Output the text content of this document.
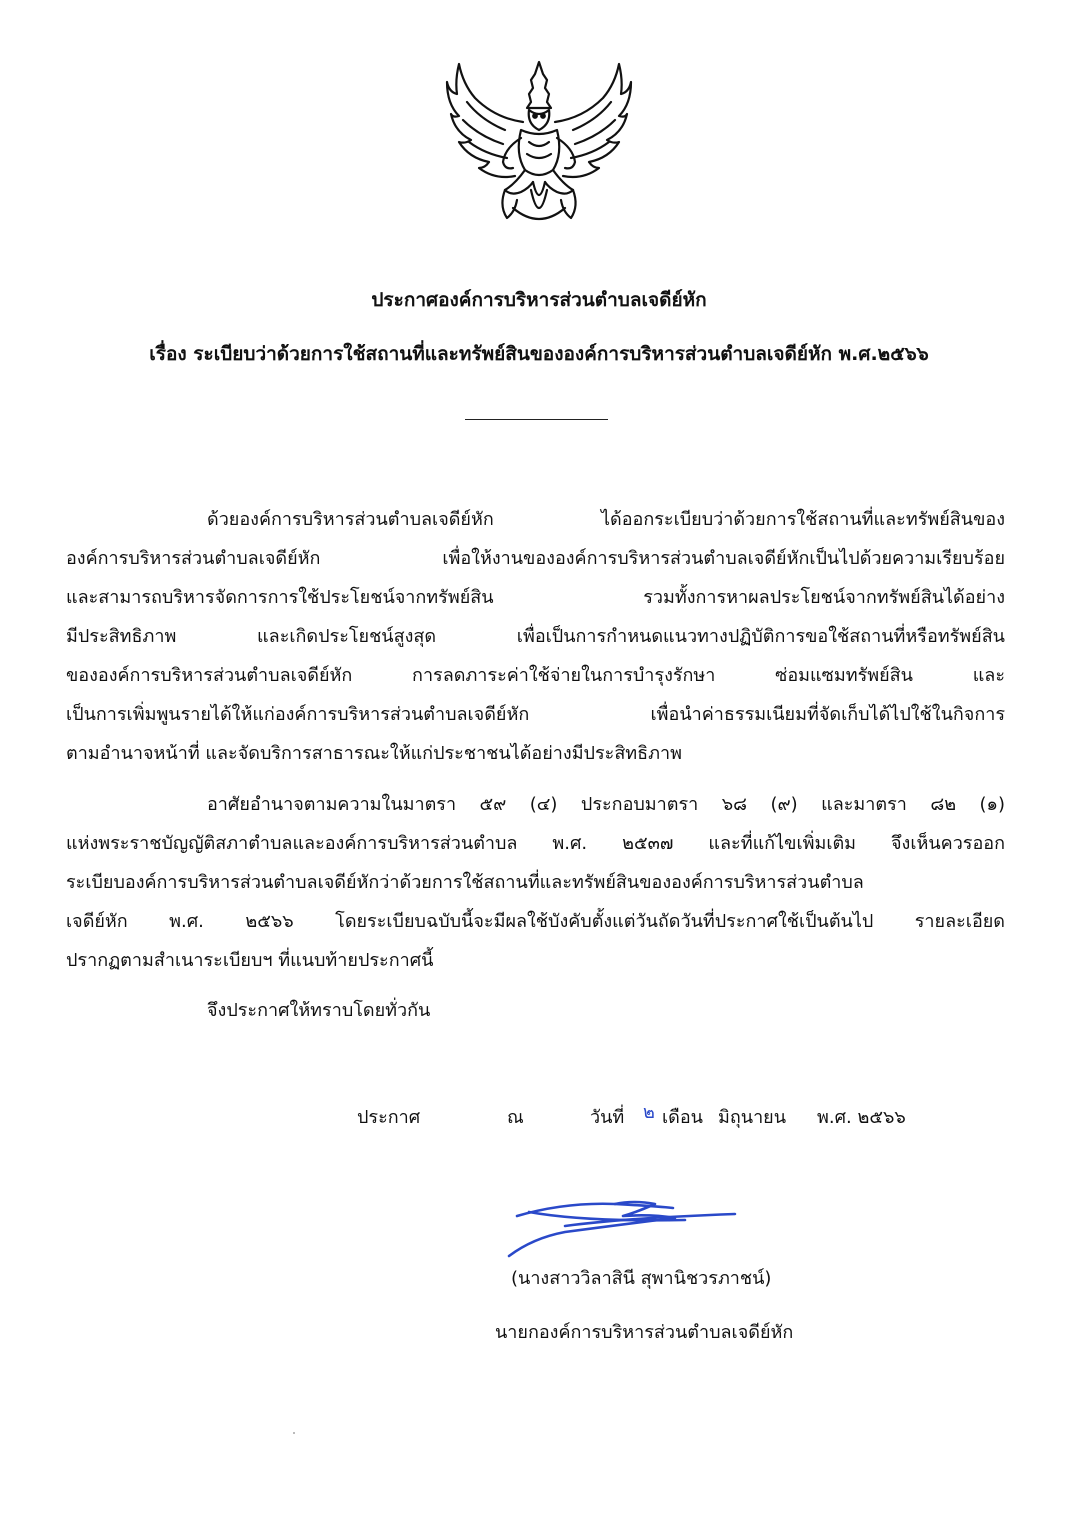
ประกาศองค์การบริหารส่วนตำบลเจดีย์หัก
เรื่อง ระเบียบว่าด้วยการใช้สถานที่และทรัพย์สินขององค์การบริหารส่วนตำบลเจดีย์หัก พ.ศ.๒๕๖๖
ด้วยองค์การบริหารส่วนตำบลเจดีย์หัก ได้ออกระเบียบว่าด้วยการใช้สถานที่และทรัพย์สินของ
องค์การบริหารส่วนตำบลเจดีย์หัก เพื่อให้งานขององค์การบริหารส่วนตำบลเจดีย์หักเป็นไปด้วยความเรียบร้อย
และสามารถบริหารจัดการการใช้ประโยชน์จากทรัพย์สิน รวมทั้งการหาผลประโยชน์จากทรัพย์สินได้อย่าง
มีประสิทธิภาพ และเกิดประโยชน์สูงสุด เพื่อเป็นการกำหนดแนวทางปฏิบัติการขอใช้สถานที่หรือทรัพย์สิน
ขององค์การบริหารส่วนตำบลเจดีย์หัก การลดภาระค่าใช้จ่ายในการบำรุงรักษา ซ่อมแซมทรัพย์สิน และ
เป็นการเพิ่มพูนรายได้ให้แก่องค์การบริหารส่วนตำบลเจดีย์หัก เพื่อนำค่าธรรมเนียมที่จัดเก็บได้ไปใช้ในกิจการ
ตามอำนาจหน้าที่ และจัดบริการสาธารณะให้แก่ประชาชนได้อย่างมีประสิทธิภาพ
อาศัยอำนาจตามความในมาตรา ๕๙ (๔) ประกอบมาตรา ๖๘ (๙) และมาตรา ๘๒ (๑)
แห่งพระราชบัญญัติสภาตำบลและองค์การบริหารส่วนตำบล พ.ศ. ๒๕๓๗ และที่แก้ไขเพิ่มเติม จึงเห็นควรออก
ระเบียบองค์การบริหารส่วนตำบลเจดีย์หักว่าด้วยการใช้สถานที่และทรัพย์สินขององค์การบริหารส่วนตำบล
เจดีย์หัก พ.ศ. ๒๕๖๖ โดยระเบียบฉบับนี้จะมีผลใช้บังคับตั้งแต่วันถัดวันที่ประกาศใช้เป็นต้นไป รายละเอียด
ปรากฏตามสำเนาระเบียบฯ ที่แนบท้ายประกาศนี้
จึงประกาศให้ทราบโดยทั่วกัน
ประกาศ	ณ	วันที่ ๒ เดือน มิถุนายน พ.ศ. ๒๕๖๖
(นางสาววิลาสินี สุพานิชวรภาชน์)
นายกองค์การบริหารส่วนตำบลเจดีย์หัก
